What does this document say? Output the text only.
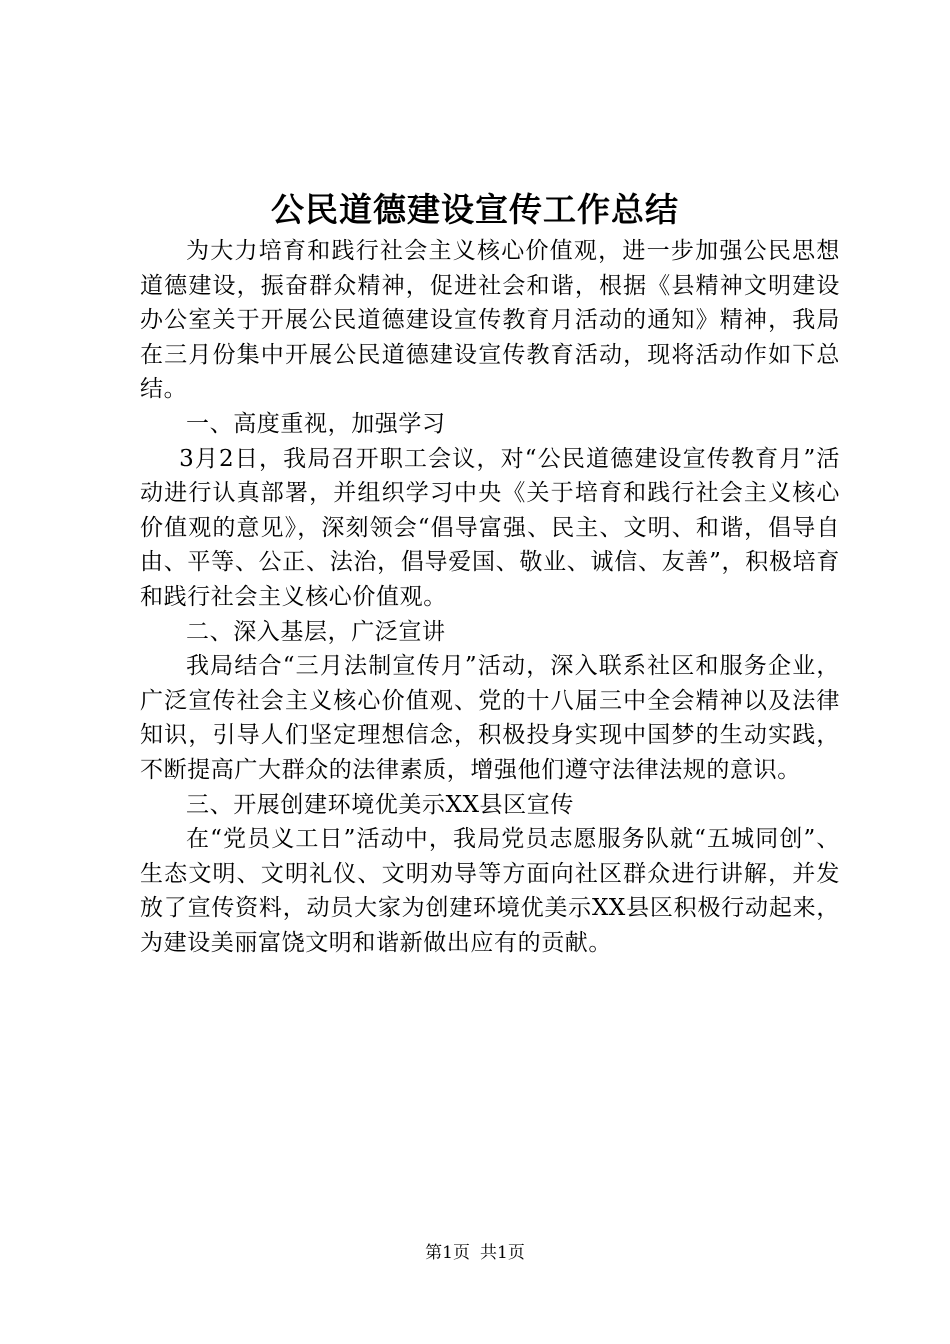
公民道德建设宣传工作总结

为大力培育和践行社会主义核心价值观，进一步加强公民思想道德建设，振奋群众精神，促进社会和谐，根据《县精神文明建设办公室关于开展公民道德建设宣传教育月活动的通知》精神，我局在三月份集中开展公民道德建设宣传教育活动，现将活动作如下总结。

一、高度重视，加强学习

3月2日，我局召开职工会议，对“公民道德建设宣传教育月”活动进行认真部署，并组织学习中央《关于培育和践行社会主义核心价值观的意见》，深刻领会“倡导富强、民主、文明、和谐，倡导自由、平等、公正、法治，倡导爱国、敬业、诚信、友善”，积极培育和践行社会主义核心价值观。

二、深入基层，广泛宣讲

我局结合“三月法制宣传月”活动，深入联系社区和服务企业，广泛宣传社会主义核心价值观、党的十八届三中全会精神以及法律知识，引导人们坚定理想信念，积极投身实现中国梦的生动实践，不断提高广大群众的法律素质，增强他们遵守法律法规的意识。

三、开展创建环境优美示XX县区宣传

在“党员义工日”活动中，我局党员志愿服务队就“五城同创”、生态文明、文明礼仪、文明劝导等方面向社区群众进行讲解，并发放了宣传资料，动员大家为创建环境优美示XX县区积极行动起来，为建设美丽富饶文明和谐新做出应有的贡献。

第1页 共1页
